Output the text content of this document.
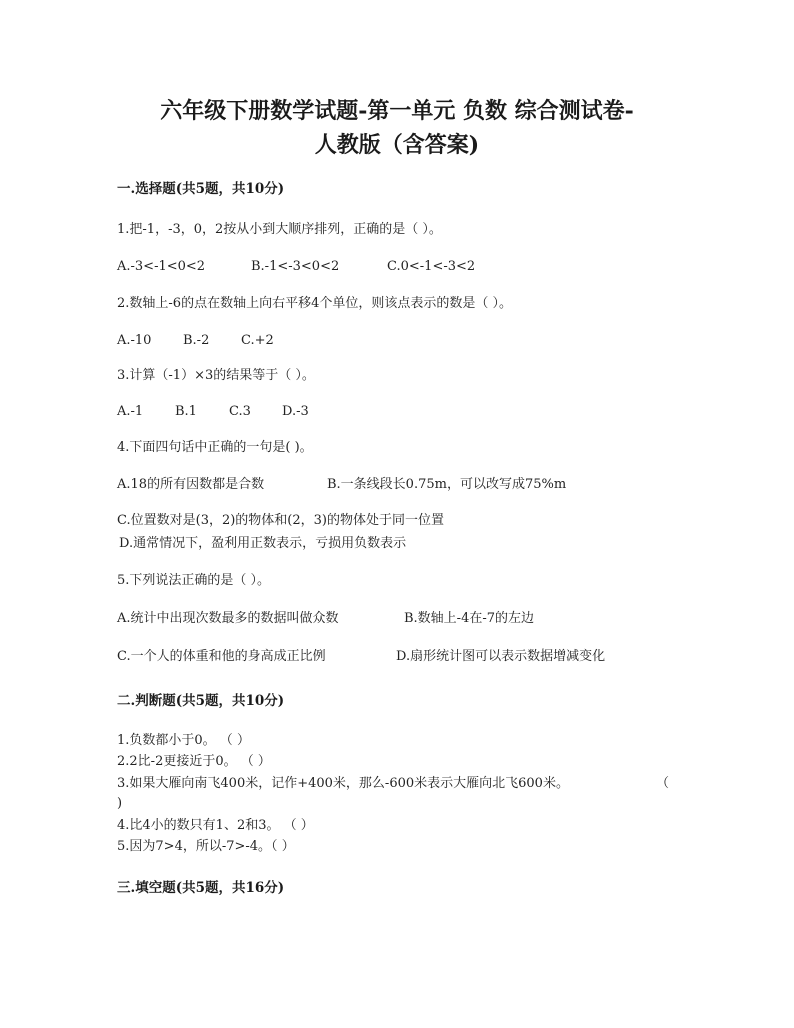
六年级下册数学试题-第一单元 负数 综合测试卷-
人教版（含答案)
一.选择题(共5题，共10分)
1.把-1，-3，0，2按从小到大顺序排列，正确的是（ ）。
A.-3<-1<0<2	B.-1<-3<0<2	C.0<-1<-3<2
2.数轴上-6的点在数轴上向右平移4个单位，则该点表示的数是（ ）。
A.-10 B.-2 C.+2
3.计算（-1）×3的结果等于（ ）。
A.-1 B.1 C.3 D.-3
4.下面四句话中正确的一句是( )。
A.18的所有因数都是合数	B.一条线段长0.75m，可以改写成75%m
C.位置数对是(3，2)的物体和(2，3)的物体处于同一位置
D.通常情况下，盈利用正数表示，亏损用负数表示
5.下列说法正确的是（ ）。
A.统计中出现次数最多的数据叫做众数	B.数轴上-4在-7的左边
C.一个人的体重和他的身高成正比例	D.扇形统计图可以表示数据增减变化
二.判断题(共5题，共10分)
1.负数都小于0。 （ ）
2.2比-2更接近于0。 （ ）
3.如果大雁向南飞400米，记作+400米，那么-600米表示大雁向北飞600米。	（
)
4.比4小的数只有1、2和3。 （ ）
5.因为7>4，所以-7>-4。（ ）
三.填空题(共5题，共16分)
